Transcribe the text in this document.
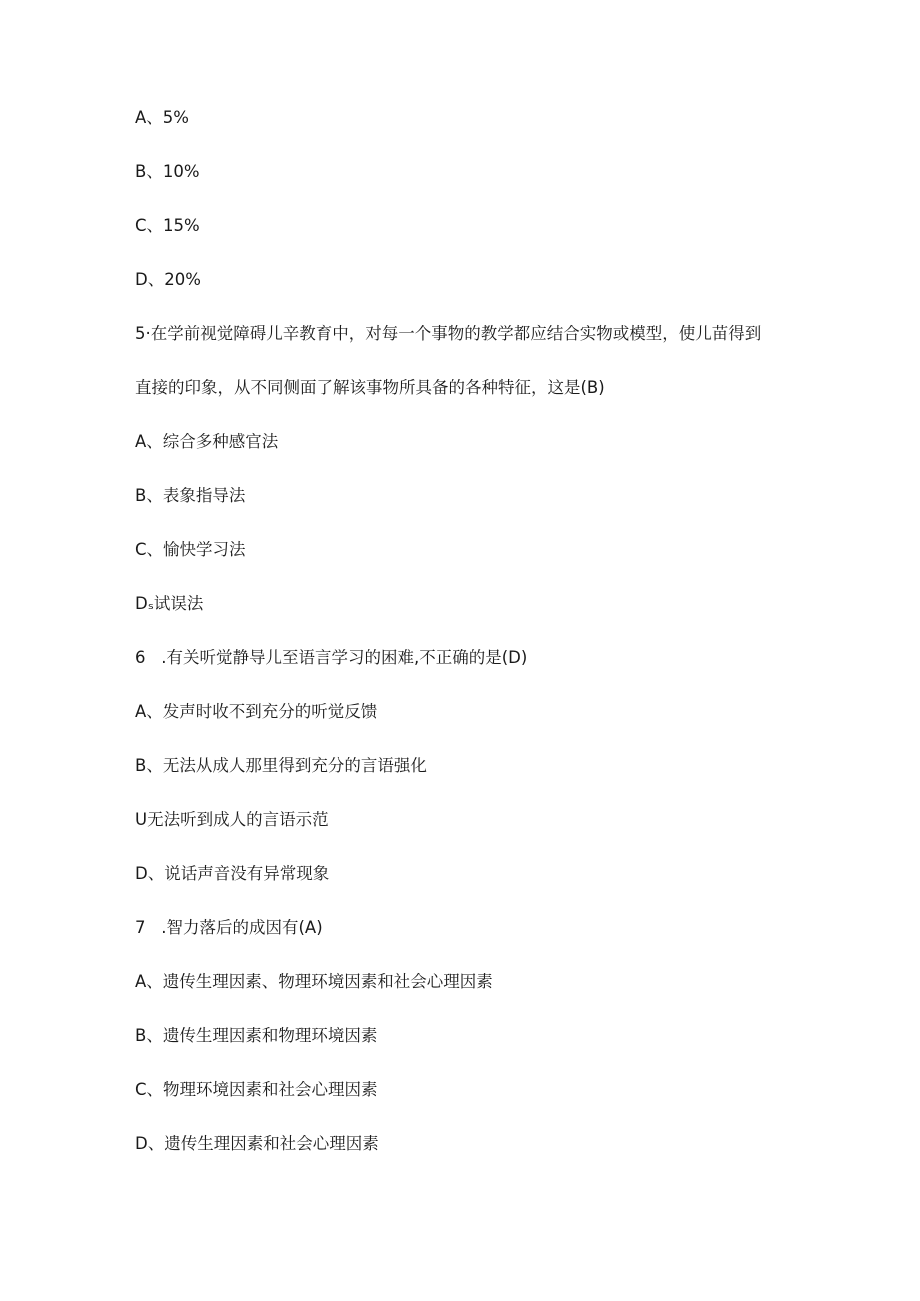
A、5%
B、10%
C、15%
D、20%
5·在学前视觉障碍儿辛教育中，对每一个事物的教学都应结合实物或模型，使儿苗得到
直接的印象，从不同侧面了解该事物所具备的各种特征，这是(B)
A、综合多种感官法
B、表象指导法
C、愉快学习法
Dₛ试误法
6   .有关听觉静导儿至语言学习的困难,不正确的是(D)
A、发声时收不到充分的听觉反馈
B、无法从成人那里得到充分的言语强化
U无法听到成人的言语示范
D、说话声音没有异常现象
7   .智力落后的成因有(A)
A、遗传生理因素、物理环境因素和社会心理因素
B、遗传生理因素和物理环境因素
C、物理环境因素和社会心理因素
D、遗传生理因素和社会心理因素
